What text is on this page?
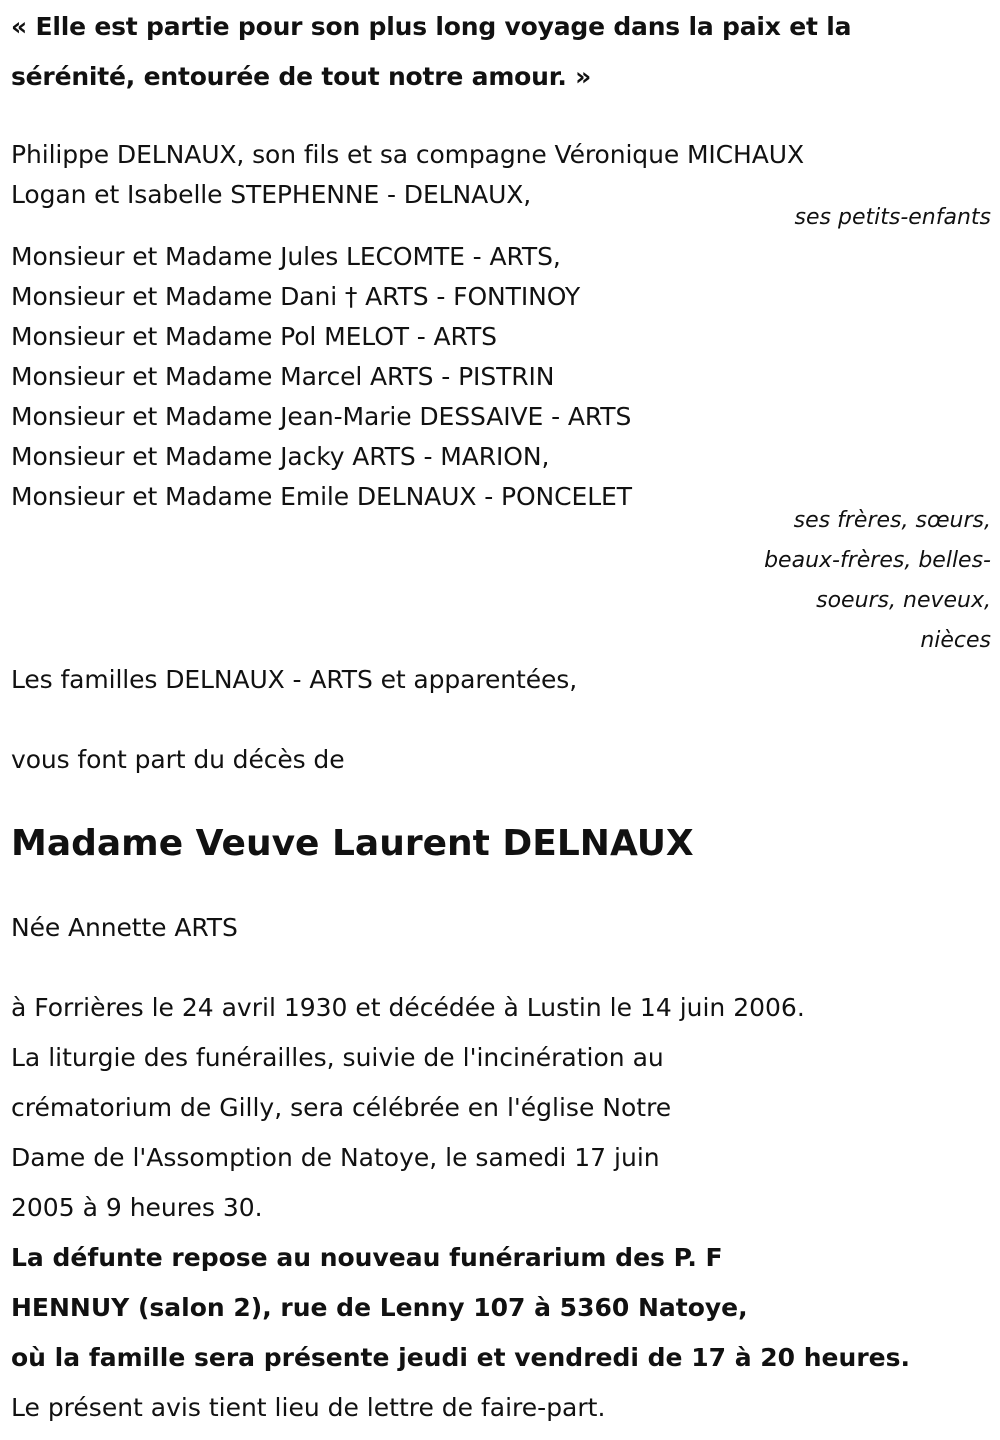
« Elle est partie pour son plus long voyage dans la paix et la
sérénité, entourée de tout notre amour. »
Philippe DELNAUX, son fils et sa compagne Véronique MICHAUX
Logan et Isabelle STEPHENNE - DELNAUX,
ses petits-enfants
Monsieur et Madame Jules LECOMTE - ARTS,
Monsieur et Madame Dani † ARTS - FONTINOY
Monsieur et Madame Pol MELOT - ARTS
Monsieur et Madame Marcel ARTS - PISTRIN
Monsieur et Madame Jean-Marie DESSAIVE - ARTS
Monsieur et Madame Jacky ARTS - MARION,
Monsieur et Madame Emile DELNAUX - PONCELET
ses frères, sœurs,
beaux-frères, belles-
soeurs, neveux,
nièces
Les familles DELNAUX - ARTS et apparentées,
vous font part du décès de
Madame Veuve Laurent DELNAUX
Née Annette ARTS

à Forrières le 24 avril 1930 et décédée à Lustin le 14 juin 2006.

La liturgie des funérailles, suivie de l'incinération au

crématorium de Gilly, sera célébrée en l'église Notre

Dame de l'Assomption de Natoye, le samedi 17 juin

2005 à 9 heures 30.

La défunte repose au nouveau funérarium des P. F

HENNUY (salon 2), rue de Lenny 107 à 5360 Natoye,

où la famille sera présente jeudi et vendredi de 17 à 20 heures.

Le présent avis tient lieu de lettre de faire-part.
